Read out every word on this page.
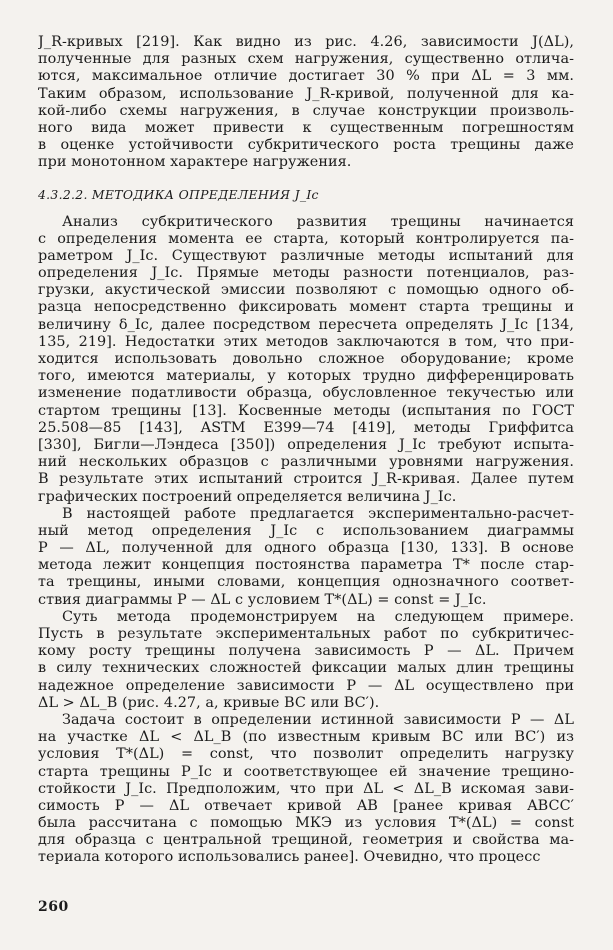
J_R-кривых [219]. Как видно из рис. 4.26, зависимости J(ΔL),
полученные для разных схем нагружения, существенно отлича-
ются, максимальное отличие достигает 30 % при ΔL = 3 мм.
Таким образом, использование J_R-кривой, полученной для ка-
кой-либо схемы нагружения, в случае конструкции произволь-
ного вида может привести к существенным погрешностям
в оценке устойчивости субкритического роста трещины даже
при монотонном характере нагружения.
4.3.2.2. МЕТОДИКА ОПРЕДЕЛЕНИЯ J_Ic
Анализ субкритического развития трещины начинается
с определения момента ее старта, который контролируется па-
раметром J_Ic. Существуют различные методы испытаний для
определения J_Ic. Прямые методы разности потенциалов, раз-
грузки, акустической эмиссии позволяют с помощью одного об-
разца непосредственно фиксировать момент старта трещины и
величину δ_Ic, далее посредством пересчета определять J_Ic [134,
135, 219]. Недостатки этих методов заключаются в том, что при-
ходится использовать довольно сложное оборудование; кроме
того, имеются материалы, у которых трудно дифференцировать
изменение податливости образца, обусловленное текучестью или
стартом трещины [13]. Косвенные методы (испытания по ГОСТ
25.508—85 [143], ASTM E399—74 [419], методы Гриффитса
[330], Бигли—Лэндеса [350]) определения J_Ic требуют испыта-
ний нескольких образцов с различными уровнями нагружения.
В результате этих испытаний строится J_R-кривая. Далее путем
графических построений определяется величина J_Ic.
В настоящей работе предлагается экспериментально-расчет-
ный метод определения J_Ic с использованием диаграммы
P — ΔL, полученной для одного образца [130, 133]. В основе
метода лежит концепция постоянства параметра T* после стар-
та трещины, иными словами, концепция однозначного соответ-
ствия диаграммы P — ΔL с условием T*(ΔL) = const = J_Ic.
Суть метода продемонстрируем на следующем примере.
Пусть в результате экспериментальных работ по субкритичес-
кому росту трещины получена зависимость P — ΔL. Причем
в силу технических сложностей фиксации малых длин трещины
надежное определение зависимости P — ΔL осуществлено при
ΔL > ΔL_B (рис. 4.27, а, кривые BC или BC′).
Задача состоит в определении истинной зависимости P — ΔL
на участке ΔL < ΔL_B (по известным кривым BC или BC′) из
условия T*(ΔL) = const, что позволит определить нагрузку
старта трещины P_Ic и соответствующее ей значение трещино-
стойкости J_Ic. Предположим, что при ΔL < ΔL_B искомая зави-
симость P — ΔL отвечает кривой AB [ранее кривая ABCC′
была рассчитана с помощью МКЭ из условия T*(ΔL) = const
для образца с центральной трещиной, геометрия и свойства ма-
териала которого использовались ранее]. Очевидно, что процесс
260
